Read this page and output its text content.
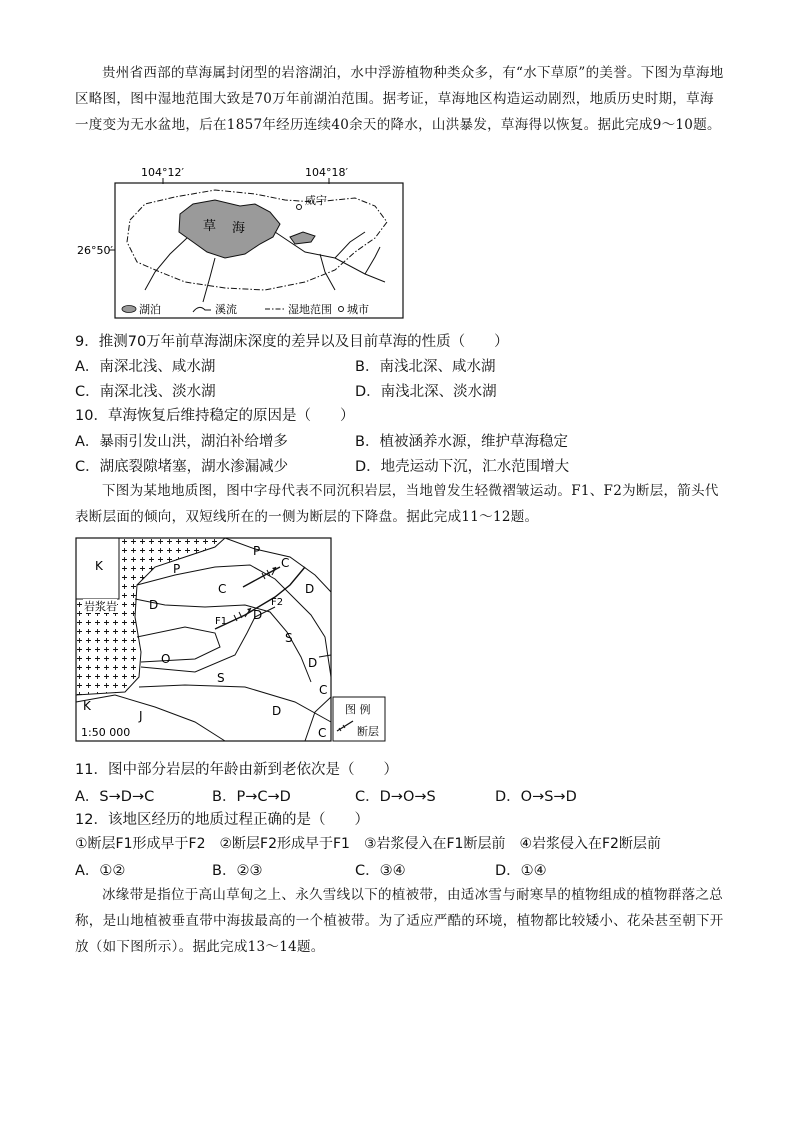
贵州省西部的草海属封闭型的岩溶湖泊，水中浮游植物种类众多，有“水下草原”的美誉。下图为草海地区略图，图中湿地范围大致是70万年前湖泊范围。据考证，草海地区构造运动剧烈，地质历史时期，草海一度变为无水盆地，后在1857年经历连续40余天的降水，山洪暴发，草海得以恢复。据此完成9～10题。
104°12′	104°18′
26°50′
草 海
威宁
湖泊	溪流	湿地范围 城市
9．推测70万年前草海湖床深度的差异以及目前草海的性质（　　）
A．南深北浅、咸水湖	B．南浅北深、咸水湖
C．南深北浅、淡水湖	D．南浅北深、淡水湖
10．草海恢复后维持稳定的原因是（　　）
A．暴雨引发山洪，湖泊补给增多	B．植被涵养水源，维护草海稳定
C．湖底裂隙堵塞，湖水渗漏减少	D．地壳运动下沉，汇水范围增大
下图为某地地质图，图中字母代表不同沉积岩层，当地曾发生轻微褶皱运动。F1、F2为断层，箭头代表断层面的倾向，双短线所在的一侧为断层的下降盘。据此完成11～12题。
K
P
P	C
C	D
D
D
S
O
S
D
C
D
C
J
K
岩浆岩
F1
F2
1:50 000
图 例
断层
11．图中部分岩层的年龄由新到老依次是（　　）
A．S→D→C	B．P→C→D	C．D→O→S	D．O→S→D
12．该地区经历的地质过程正确的是（　　）
①断层F1形成早于F2　②断层F2形成早于F1　③岩浆侵入在F1断层前　④岩浆侵入在F2断层前
A．①②	B．②③	C．③④	D．①④
冰缘带是指位于高山草甸之上、永久雪线以下的植被带，由适冰雪与耐寒旱的植物组成的植物群落之总称，是山地植被垂直带中海拔最高的一个植被带。为了适应严酷的环境，植物都比较矮小、花朵甚至朝下开放（如下图所示）。据此完成13～14题。
